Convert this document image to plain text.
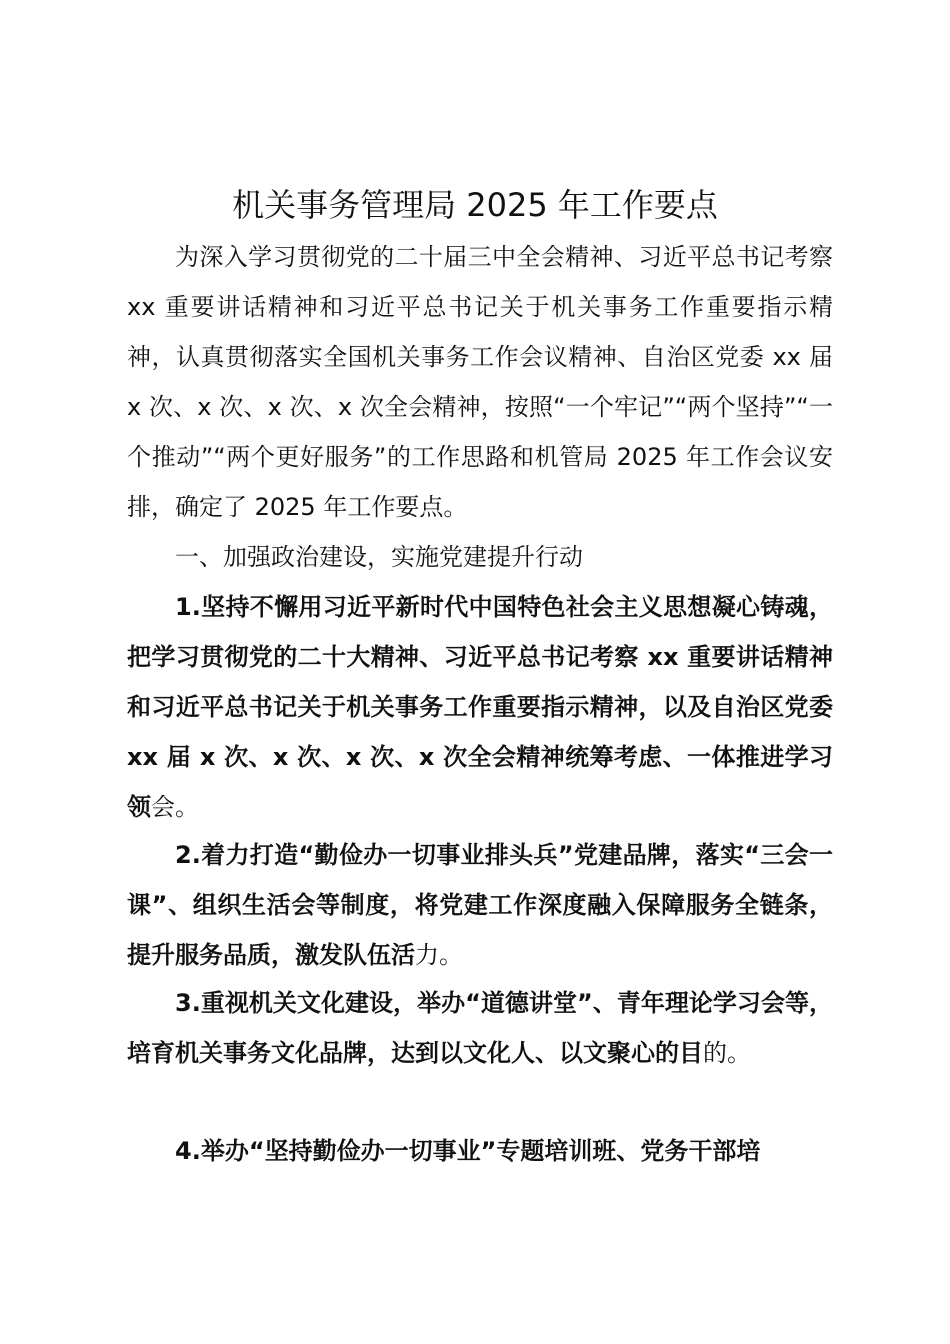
机关事务管理局 2025 年工作要点

为深入学习贯彻党的二十届三中全会精神、习近平总书记考察 xx 重要讲话精神和习近平总书记关于机关事务工作重要指示精神，认真贯彻落实全国机关事务工作会议精神、自治区党委 xx 届 x 次、x 次、x 次、x 次全会精神，按照“一个牢记”“两个坚持”“一个推动”“两个更好服务”的工作思路和机管局 2025 年工作会议安排，确定了 2025 年工作要点。

一、加强政治建设，实施党建提升行动

1.坚持不懈用习近平新时代中国特色社会主义思想凝心铸魂，把学习贯彻党的二十大精神、习近平总书记考察 xx 重要讲话精神和习近平总书记关于机关事务工作重要指示精神，以及自治区党委 xx 届 x 次、x 次、x 次、x 次全会精神统筹考虑、一体推进学习领会。

2.着力打造“勤俭办一切事业排头兵”党建品牌，落实“三会一课”、组织生活会等制度，将党建工作深度融入保障服务全链条，提升服务品质，激发队伍活力。

3.重视机关文化建设，举办“道德讲堂”、青年理论学习会等，培育机关事务文化品牌，达到以文化人、以文聚心的目的。

4.举办“坚持勤俭办一切事业”专题培训班、党务干部培
